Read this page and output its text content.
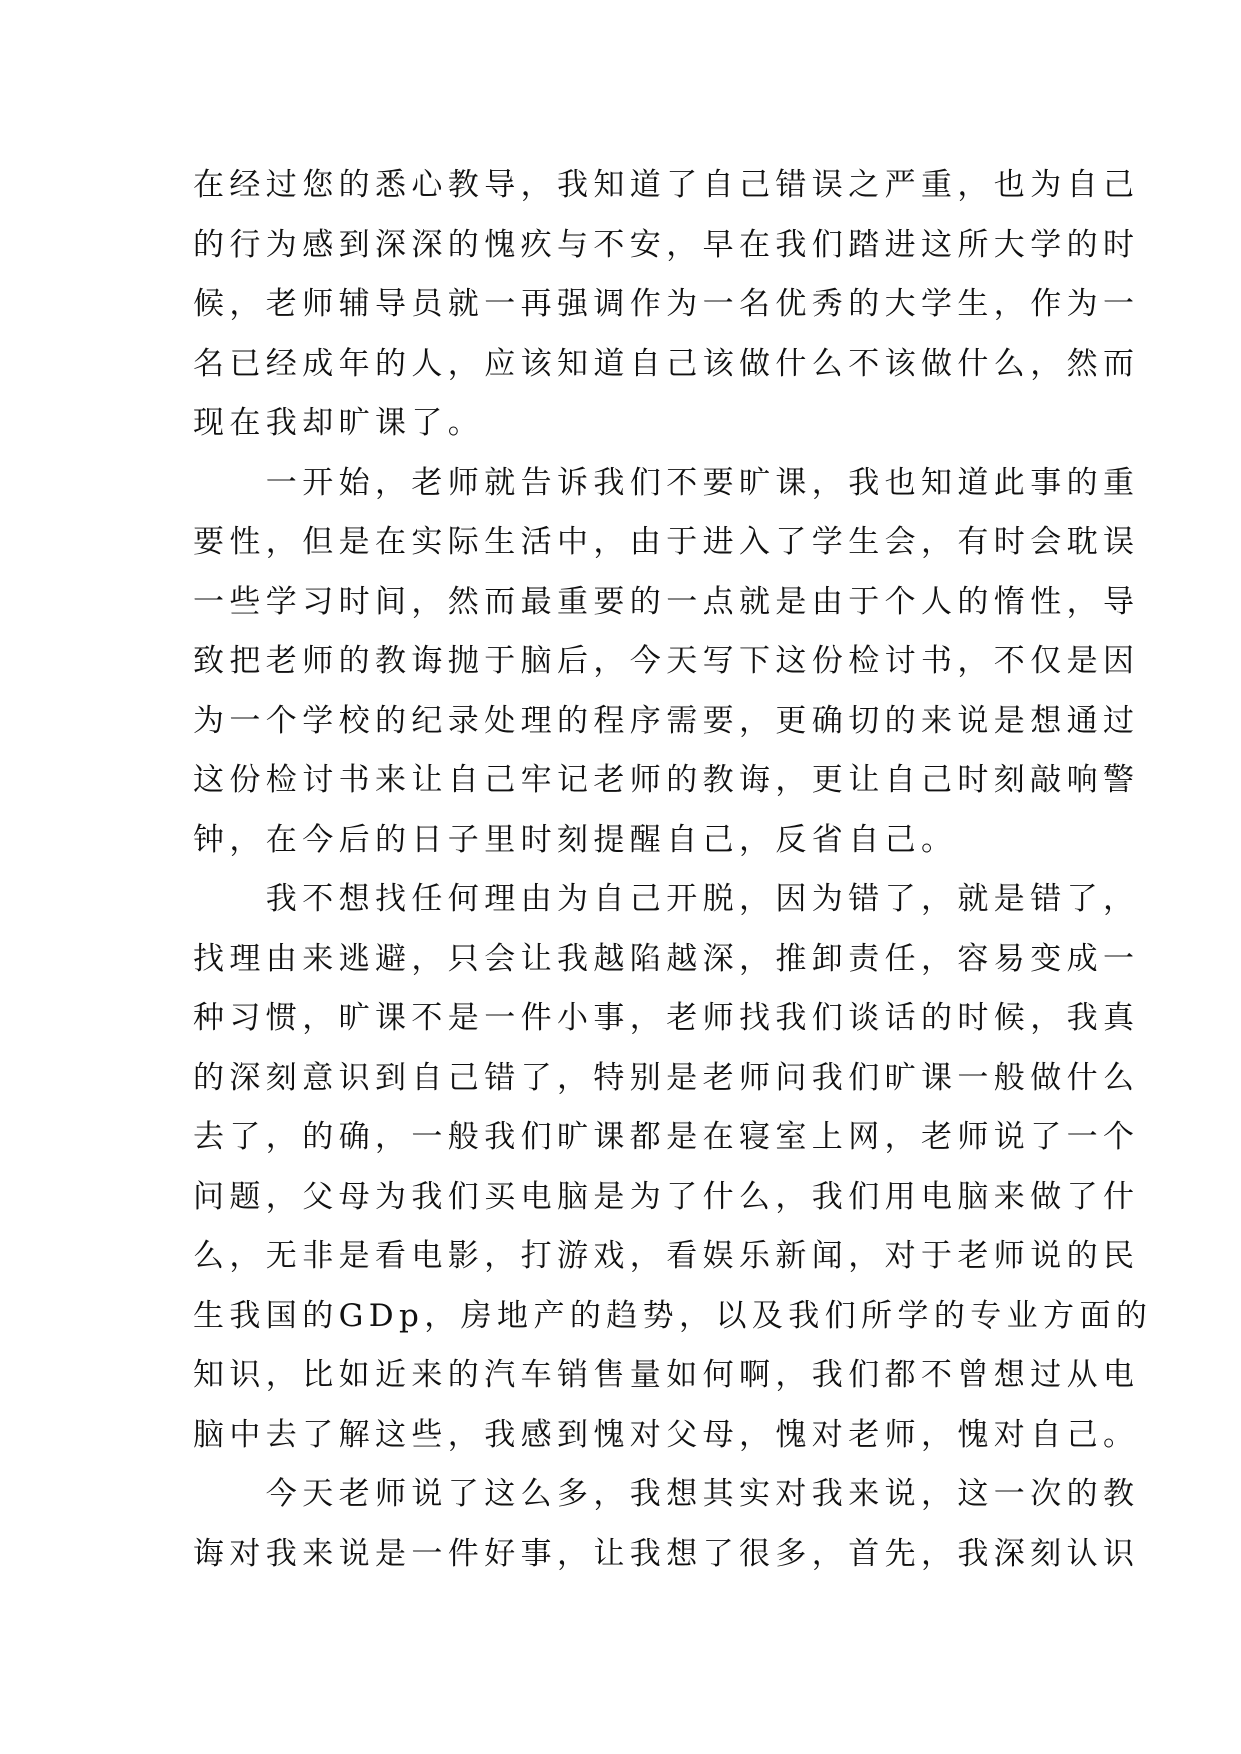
在经过您的悉心教导，我知道了自己错误之严重，也为自己
的行为感到深深的愧疚与不安，早在我们踏进这所大学的时
候，老师辅导员就一再强调作为一名优秀的大学生，作为一
名已经成年的人，应该知道自己该做什么不该做什么，然而
现在我却旷课了。
　　一开始，老师就告诉我们不要旷课，我也知道此事的重
要性，但是在实际生活中，由于进入了学生会，有时会耽误
一些学习时间，然而最重要的一点就是由于个人的惰性，导
致把老师的教诲抛于脑后，今天写下这份检讨书，不仅是因
为一个学校的纪录处理的程序需要，更确切的来说是想通过
这份检讨书来让自己牢记老师的教诲，更让自己时刻敲响警
钟，在今后的日子里时刻提醒自己，反省自己。
　　我不想找任何理由为自己开脱，因为错了，就是错了，
找理由来逃避，只会让我越陷越深，推卸责任，容易变成一
种习惯，旷课不是一件小事，老师找我们谈话的时候，我真
的深刻意识到自己错了，特别是老师问我们旷课一般做什么
去了，的确，一般我们旷课都是在寝室上网，老师说了一个
问题，父母为我们买电脑是为了什么，我们用电脑来做了什
么，无非是看电影，打游戏，看娱乐新闻，对于老师说的民
生我国的GDp，房地产的趋势，以及我们所学的专业方面的
知识，比如近来的汽车销售量如何啊，我们都不曾想过从电
脑中去了解这些，我感到愧对父母，愧对老师，愧对自己。
　　今天老师说了这么多，我想其实对我来说，这一次的教
诲对我来说是一件好事，让我想了很多，首先，我深刻认识
